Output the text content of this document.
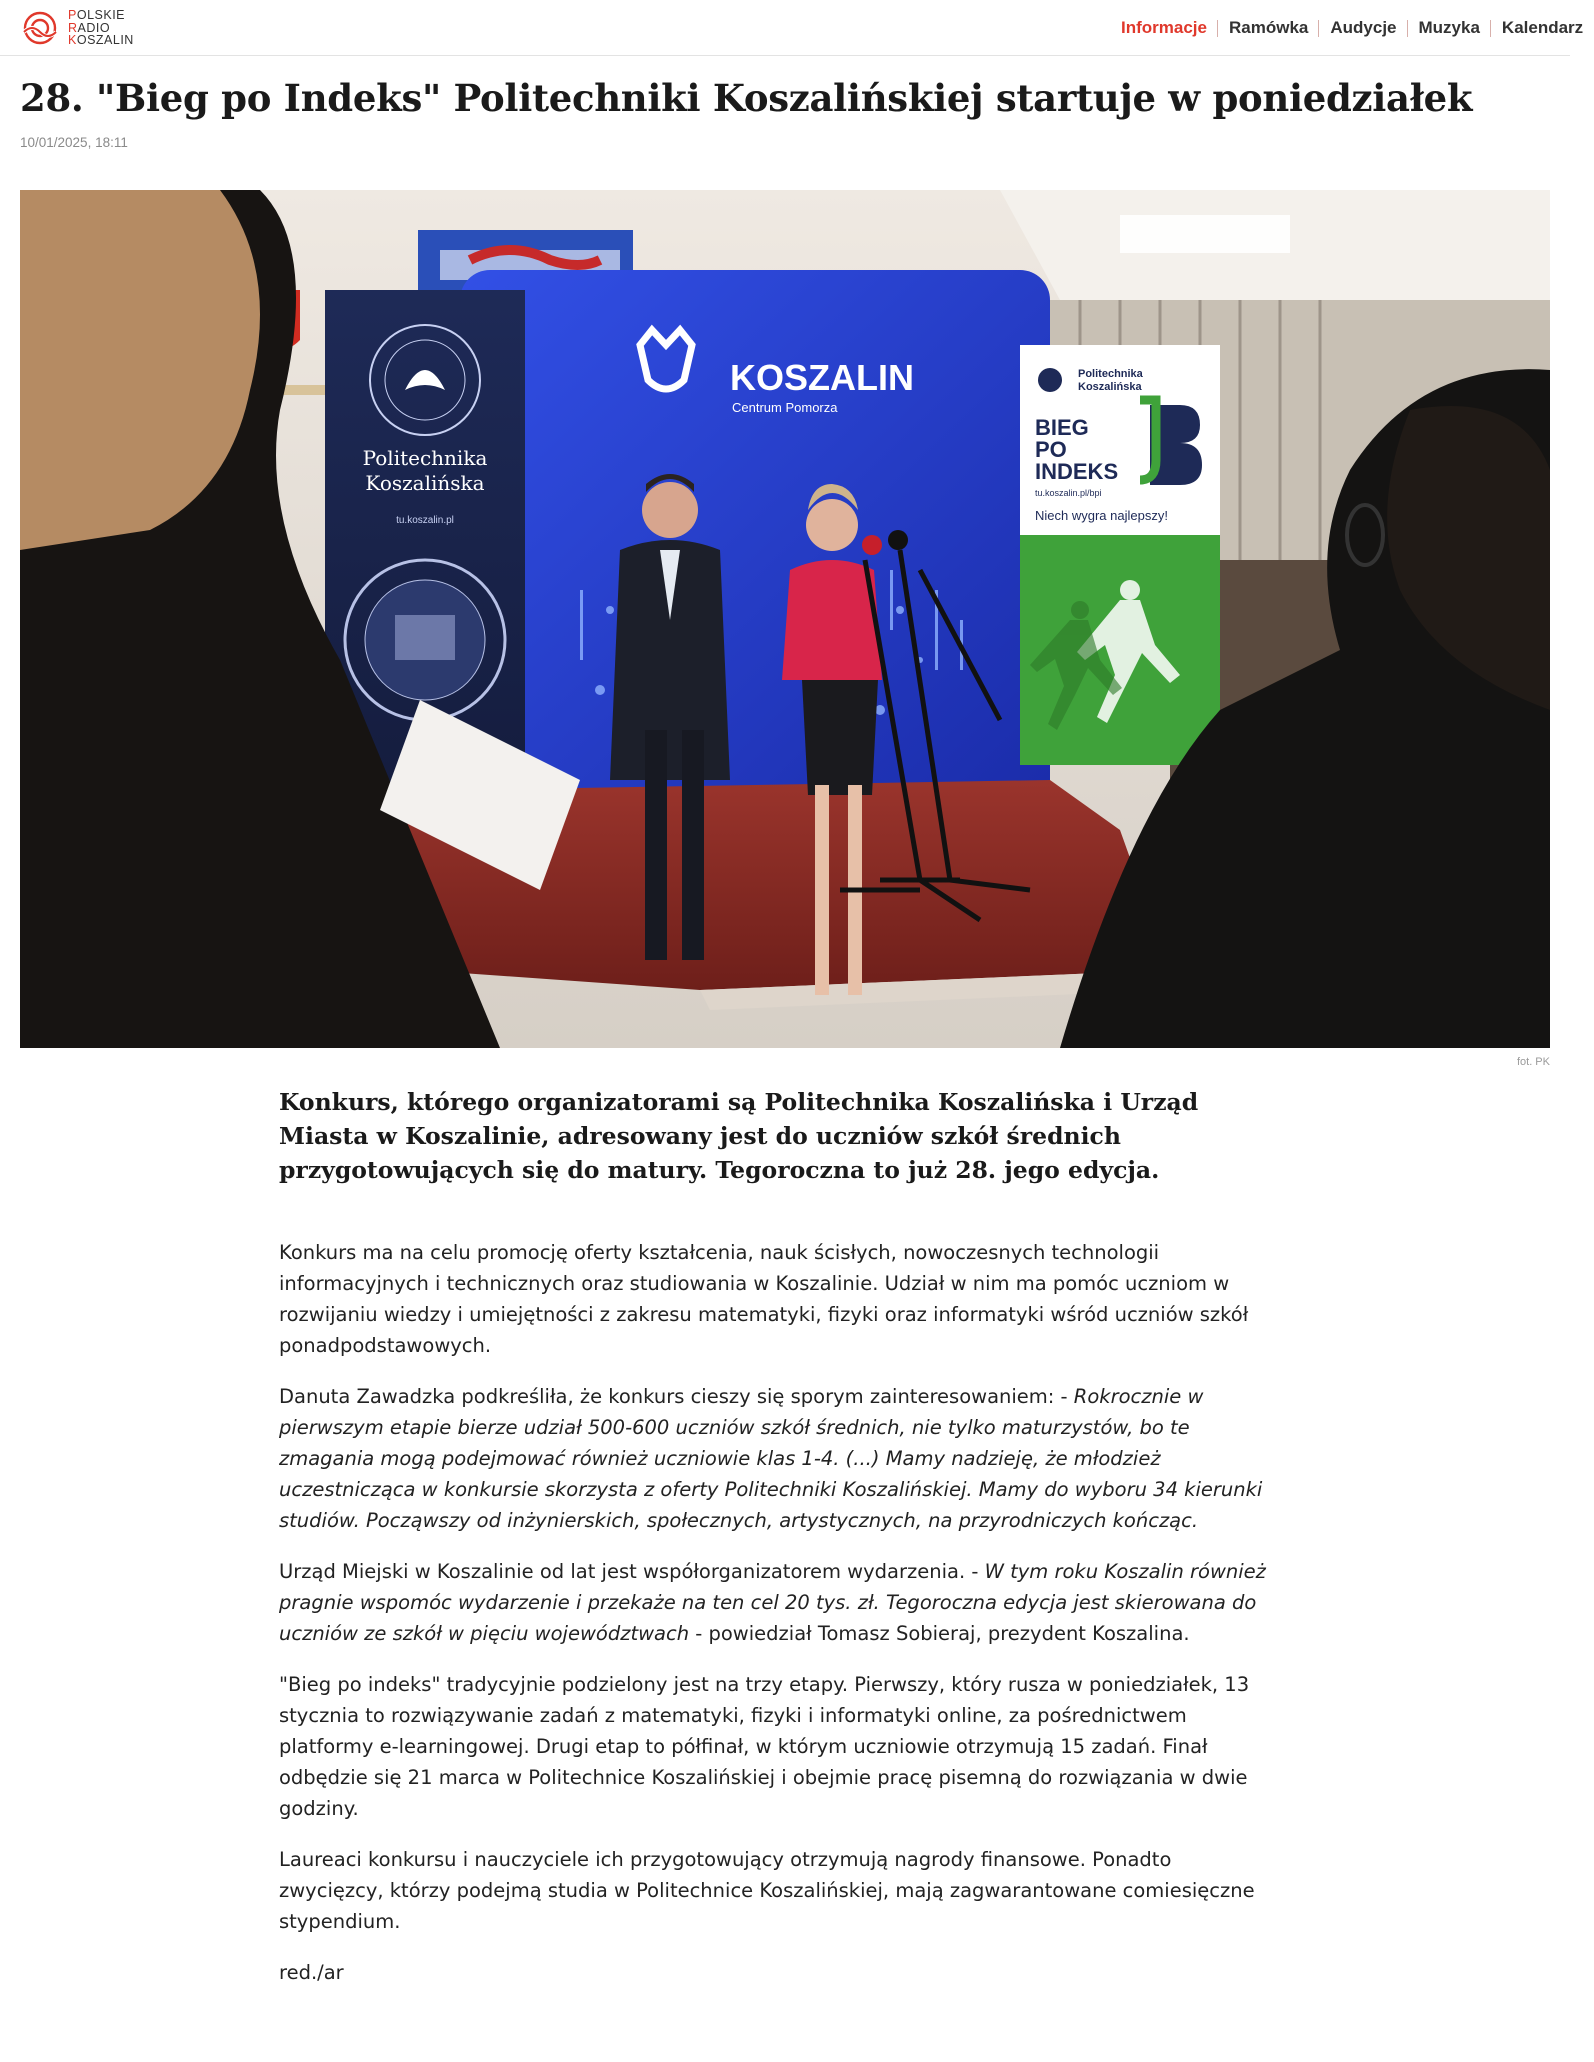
POLSKIE
RADIO
KOSZALIN
Informacje	Ramówka	Audycje	Muzyka	Kalendarz
28. "Bieg po Indeks" Politechniki Koszalińskiej startuje w poniedziałek
10/01/2025, 18:11
KOSZALIN
Centrum Pomorza
Politechnika
Koszalińska
tu.koszalin.pl
Politechnika
Koszalińska
BIEG
PO
INDEKS
tu.koszalin.pl/bpi
Niech wygra najlepszy!
fot. PK

Konkurs, którego organizatorami są Politechnika Koszalińska i Urząd Miasta w Koszalinie, adresowany jest do uczniów szkół średnich przygotowujących się do matury. Tegoroczna to już 28. jego edycja.

Konkurs ma na celu promocję oferty kształcenia, nauk ścisłych, nowoczesnych technologii informacyjnych i technicznych oraz studiowania w Koszalinie. Udział w nim ma pomóc uczniom w rozwijaniu wiedzy i umiejętności z zakresu matematyki, fizyki oraz informatyki wśród uczniów szkół ponadpodstawowych.

Danuta Zawadzka podkreśliła, że konkurs cieszy się sporym zainteresowaniem: - Rokrocznie w pierwszym etapie bierze udział 500-600 uczniów szkół średnich, nie tylko maturzystów, bo te zmagania mogą podejmować również uczniowie klas 1-4. (...) Mamy nadzieję, że młodzież uczestnicząca w konkursie skorzysta z oferty Politechniki Koszalińskiej. Mamy do wyboru 34 kierunki studiów. Począwszy od inżynierskich, społecznych, artystycznych, na przyrodniczych kończąc.

Urząd Miejski w Koszalinie od lat jest współorganizatorem wydarzenia. - W tym roku Koszalin również pragnie wspomóc wydarzenie i przekaże na ten cel 20 tys. zł. Tegoroczna edycja jest skierowana do uczniów ze szkół w pięciu województwach - powiedział Tomasz Sobieraj, prezydent Koszalina.

"Bieg po indeks" tradycyjnie podzielony jest na trzy etapy. Pierwszy, który rusza w poniedziałek, 13 stycznia to rozwiązywanie zadań z matematyki, fizyki i informatyki online, za pośrednictwem platformy e-learningowej. Drugi etap to półfinał, w którym uczniowie otrzymują 15 zadań. Finał odbędzie się 21 marca w Politechnice Koszalińskiej i obejmie pracę pisemną do rozwiązania w dwie godziny.

Laureaci konkursu i nauczyciele ich przygotowujący otrzymują nagrody finansowe. Ponadto zwycięzcy, którzy podejmą studia w Politechnice Koszalińskiej, mają zagwarantowane comiesięczne stypendium.

red./ar
